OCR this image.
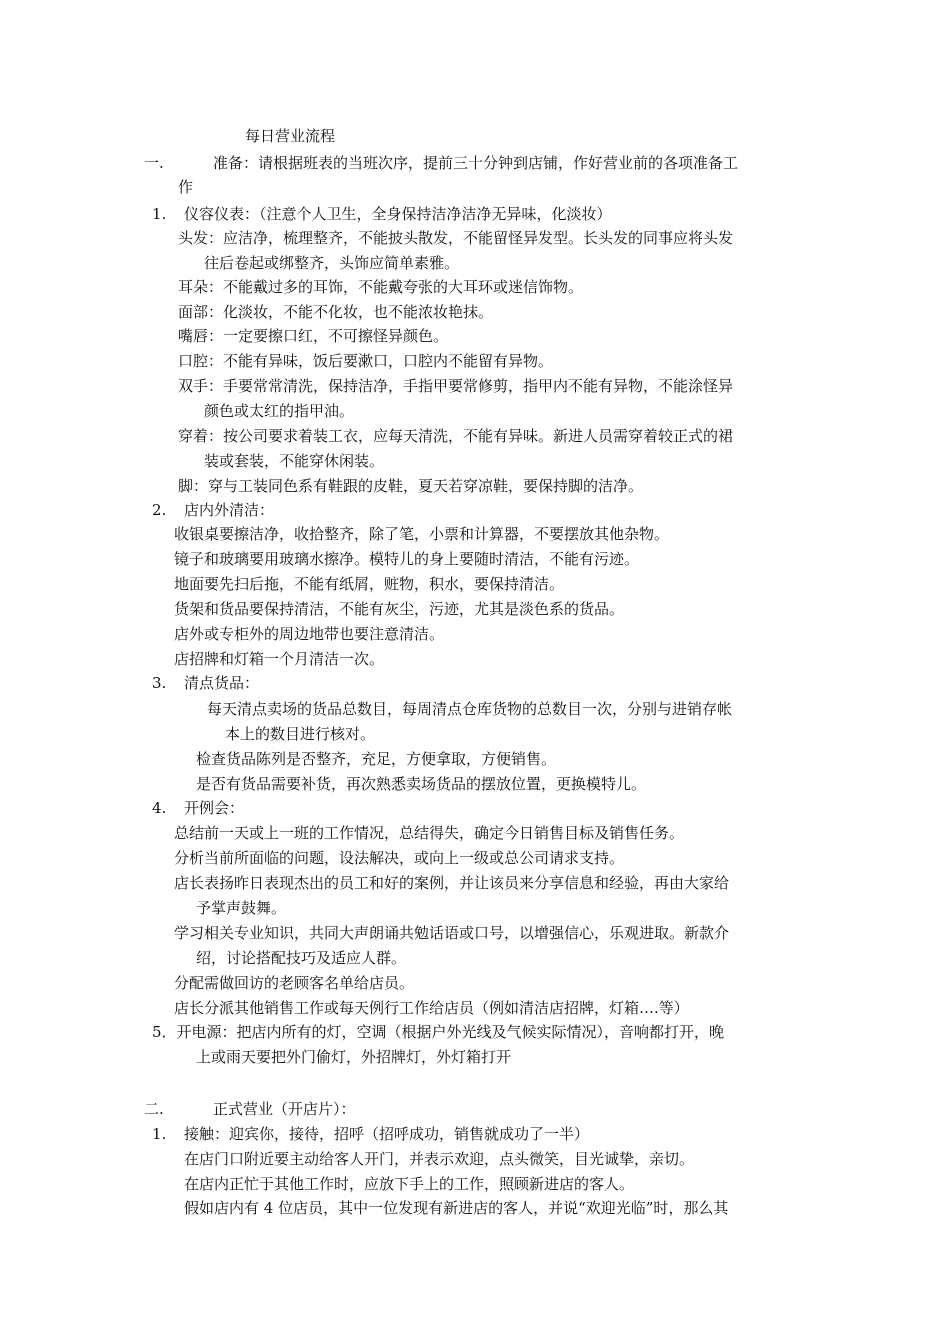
每日营业流程
一.	准备：请根据班表的当班次序，提前三十分钟到店铺，作好营业前的各项准备工
作
1. 仪容仪表：（注意个人卫生，全身保持洁净洁净无异味，化淡妆）
头发：应洁净，梳理整齐，不能披头散发，不能留怪异发型。长头发的同事应将头发
往后卷起或绑整齐，头饰应简单素雅。
耳朵：不能戴过多的耳饰，不能戴夸张的大耳环或迷信饰物。
面部：化淡妆，不能不化妆，也不能浓妆艳抹。
嘴唇：一定要擦口红，不可擦怪异颜色。
口腔：不能有异味，饭后要漱口，口腔内不能留有异物。
双手：手要常常清洗，保持洁净，手指甲要常修剪，指甲内不能有异物，不能涂怪异
颜色或太红的指甲油。
穿着：按公司要求着装工衣，应每天清洗，不能有异味。新进人员需穿着较正式的裙
装或套装，不能穿休闲装。
脚：穿与工装同色系有鞋跟的皮鞋，夏天若穿凉鞋，要保持脚的洁净。
2. 店内外清洁：
收银桌要擦洁净，收拾整齐，除了笔，小票和计算器，不要摆放其他杂物。
镜子和玻璃要用玻璃水擦净。模特儿的身上要随时清洁，不能有污迹。
地面要先扫后拖，不能有纸屑，赃物，积水，要保持清洁。
货架和货品要保持清洁，不能有灰尘，污迹，尤其是淡色系的货品。
店外或专柜外的周边地带也要注意清洁。
店招牌和灯箱一个月清洁一次。
3. 清点货品：
每天清点卖场的货品总数目，每周清点仓库货物的总数目一次，分别与进销存帐
本上的数目进行核对。
检查货品陈列是否整齐，充足，方便拿取，方便销售。
是否有货品需要补货，再次熟悉卖场货品的摆放位置，更换模特儿。
4. 开例会：
总结前一天或上一班的工作情况，总结得失，确定今日销售目标及销售任务。
分析当前所面临的问题，设法解决，或向上一级或总公司请求支持。
店长表扬昨日表现杰出的员工和好的案例，并让该员来分享信息和经验，再由大家给
予掌声鼓舞。
学习相关专业知识，共同大声朗诵共勉话语或口号，以增强信心，乐观进取。新款介
绍，讨论搭配技巧及适应人群。
分配需做回访的老顾客名单给店员。
店长分派其他销售工作或每天例行工作给店员（例如清洁店招牌，灯箱….等）
5．开电源：把店内所有的灯，空调（根据户外光线及气候实际情况），音响都打开，晚
上或雨天要把外门偷灯，外招牌灯，外灯箱打开
二.	正式营业（开店片）：
1. 接触：迎宾你，接待，招呼（招呼成功，销售就成功了一半）
在店门口附近要主动给客人开门，并表示欢迎，点头微笑，目光诚挚，亲切。
在店内正忙于其他工作时，应放下手上的工作，照顾新进店的客人。
假如店内有 4 位店员，其中一位发现有新进店的客人，并说“欢迎光临”时，那么其
